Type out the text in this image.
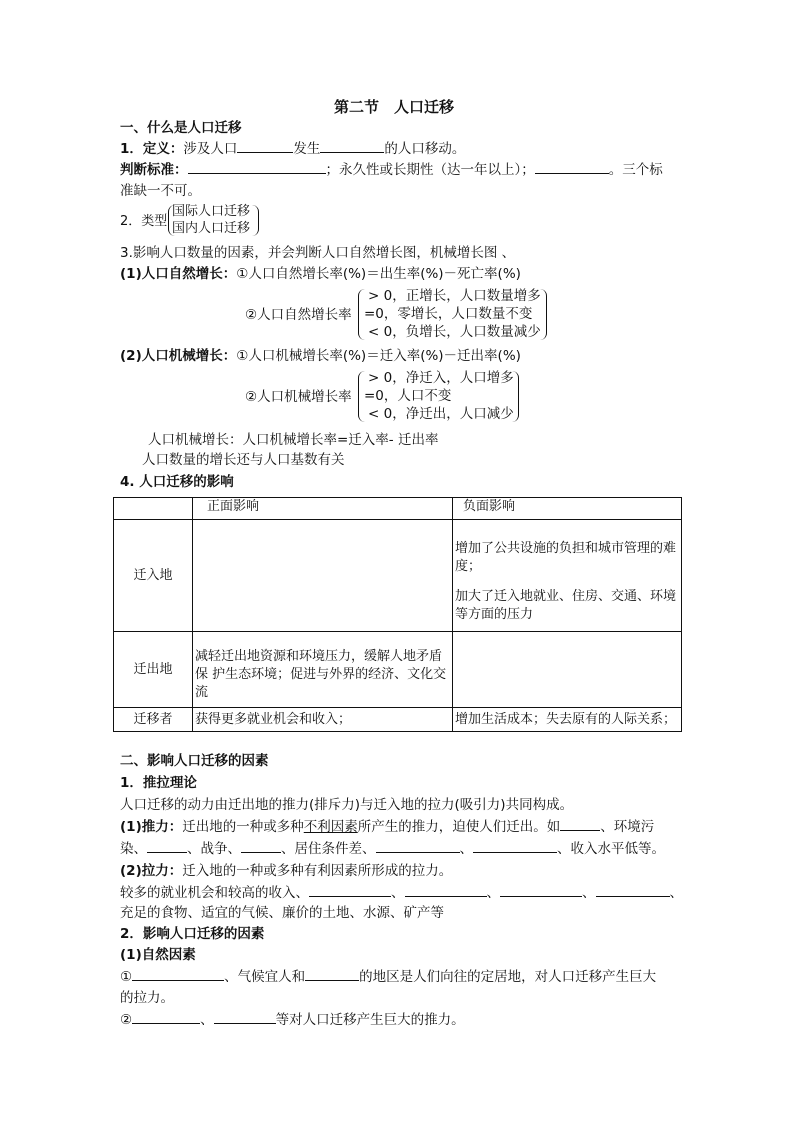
第二节　人口迁移
一、什么是人口迁移
1．定义：涉及人口	发生	的人口移动。
判断标准：	；永久性或长期性（达一年以上）；	。三个标
准缺一不可。
2．类型
国际人口迁移
国内人口迁移
3.影响人口数量的因素，并会判断人口自然增长图，机械增长图 、
(1)人口自然增长：①人口自然增长率(%)＝出生率(%)－死亡率(%)
②人口自然增长率
> 0，正增长，人口数量增多
=0，零增长，人口数量不变
< 0，负增长，人口数量减少
(2)人口机械增长：①人口机械增长率(%)＝迁入率(%)－迁出率(%)
②人口机械增长率
> 0，净迁入，人口增多
=0，人口不变
< 0，净迁出，人口减少
人口机械增长：人口机械增长率=迁入率- 迁出率
人口数量的增长还与人口基数有关
4. 人口迁移的影响
	正面影响	负面影响
迁入地		增加了公共设施的负担和城市管理的难度；
加大了迁入地就业、住房、交通、环境等方面的压力

迁出地	减轻迁出地资源和环境压力，缓解人地矛盾保 护生态环境；促进与外界的经济、文化交流	
迁移者	获得更多就业机会和收入；	增加生活成本；失去原有的人际关系；
二、影响人口迁移的因素
1．推拉理论
人口迁移的动力由迁出地的推力(排斥力)与迁入地的拉力(吸引力)共同构成。
(1)推力：迁出地的一种或多种不利因素所产生的推力，迫使人们迁出。如	、环境污
染、	、战争、	、居住条件差、	、	、收入水平低等。
(2)拉力：迁入地的一种或多种有利因素所形成的拉力。
较多的就业机会和较高的收入、	、	、	、	、
充足的食物、适宜的气候、廉价的土地、水源、矿产等
2．影响人口迁移的因素
(1)自然因素
①	、气候宜人和	的地区是人们向往的定居地，对人口迁移产生巨大
的拉力。
②	、	等对人口迁移产生巨大的推力。
